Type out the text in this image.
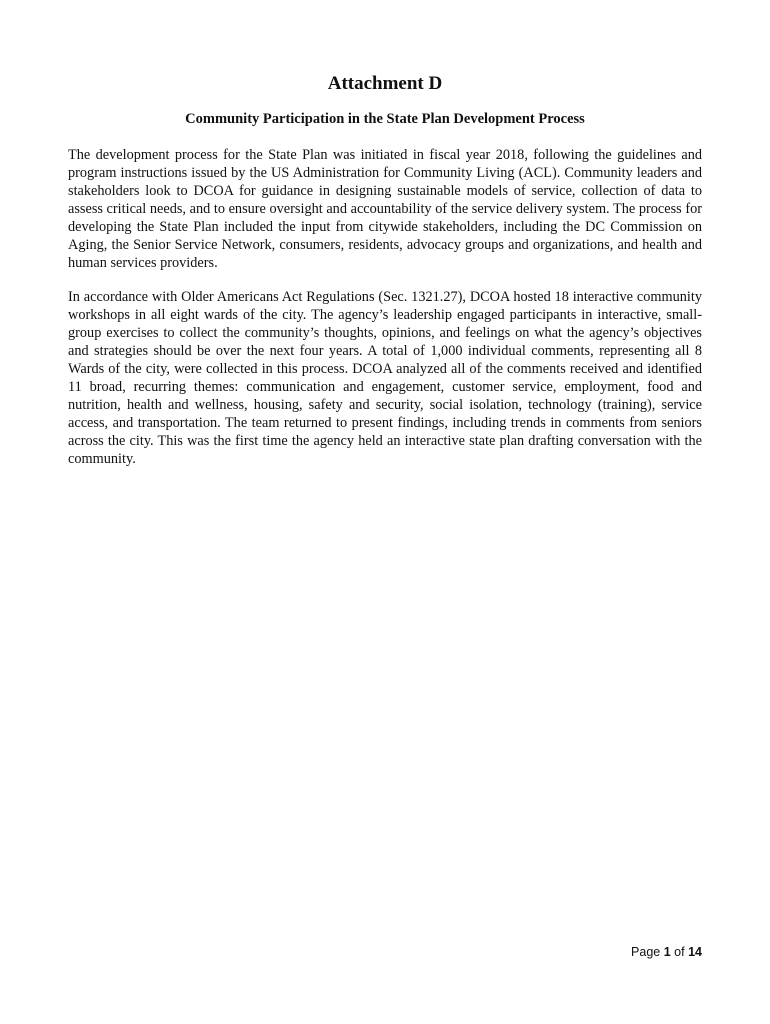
Attachment D
Community Participation in the State Plan Development Process

The development process for the State Plan was initiated in fiscal year 2018, following the guidelines and program instructions issued by the US Administration for Community Living (ACL). Community leaders and stakeholders look to DCOA for guidance in designing sustainable models of service, collection of data to assess critical needs, and to ensure oversight and accountability of the service delivery system. The process for developing the State Plan included the input from citywide stakeholders, including the DC Commission on Aging, the Senior Service Network, consumers, residents, advocacy groups and organizations, and health and human services providers.

In accordance with Older Americans Act Regulations (Sec. 1321.27), DCOA hosted 18 interactive community workshops in all eight wards of the city. The agency’s leadership engaged participants in interactive, small-group exercises to collect the community’s thoughts, opinions, and feelings on what the agency’s objectives and strategies should be over the next four years. A total of 1,000 individual comments, representing all 8 Wards of the city, were collected in this process. DCOA analyzed all of the comments received and identified 11 broad, recurring themes: communication and engagement, customer service, employment, food and nutrition, health and wellness, housing, safety and security, social isolation, technology (training), service access, and transportation. The team returned to present findings, including trends in comments from seniors across the city. This was the first time the agency held an interactive state plan drafting conversation with the community.

Page 1 of 14
